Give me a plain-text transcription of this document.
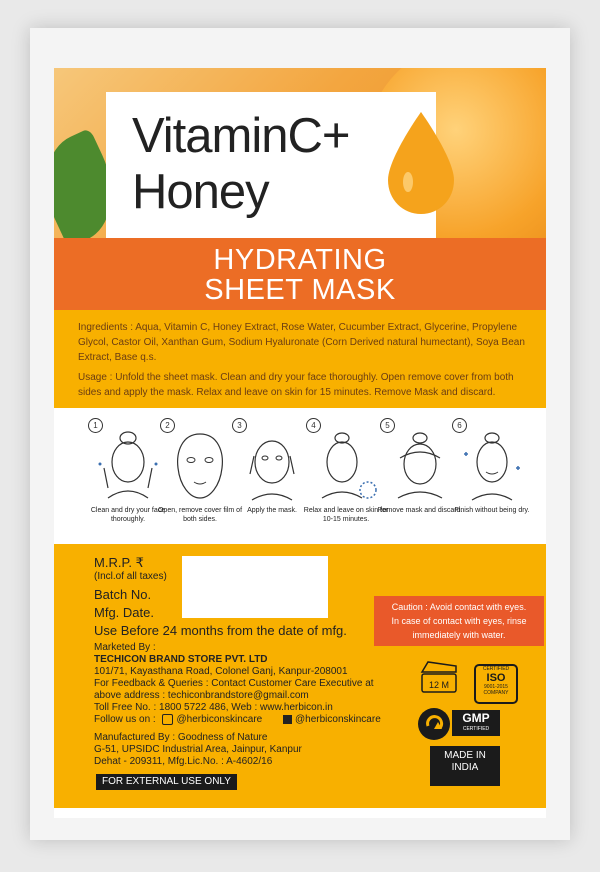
VitaminC+
Honey
HYDRATING
SHEET MASK

Ingredients : Aqua, Vitamin C, Honey Extract, Rose Water, Cucumber Extract, Glycerine, Propylene Glycol, Castor Oil, Xanthan Gum, Sodium Hyaluronate (Corn Derived natural humectant), Soya Bean Extract, Base q.s.

Usage : Unfold the sheet mask. Clean and dry your face thoroughly. Open remove cover from both sides and apply the mask. Relax and leave on skin for 15 minutes. Remove Mask and discard.

1
Clean and dry your face thoroughly.
2
Open, remove cover film of both sides.
3
Apply the mask.
4
Relax and leave on skin for 10-15 minutes.
5
Remove mask and discard.
6
Finish without being dry.
M.R.P. ₹
(Incl.of all taxes)
Batch No.
Mfg. Date.
Use Before 24 months from the date of mfg.
Caution : Avoid contact with eyes.
In case of contact with eyes, rinse
immediately with water.
Marketed By :
TECHICON BRAND STORE PVT. LTD
101/71, Kayasthana Road, Colonel Ganj, Kanpur-208001
For Feedback & Queries : Contact Customer Care Executive at
above address : techiconbrandstore@gmail.com
Toll Free No. : 1800 5722 486, Web : www.herbicon.in
Follow us on : @herbiconskincare	@herbiconskincare
Manufactured By : Goodness of Nature
G-51, UPSIDC Industrial Area, Jainpur, Kanpur
Dehat - 209311, Mfg.Lic.No. : A-4602/16
FOR EXTERNAL USE ONLY
12 M
CERTIFIED
ISO
9001-2015
COMPANY
GMP
CERTIFIED
MADE IN
INDIA
